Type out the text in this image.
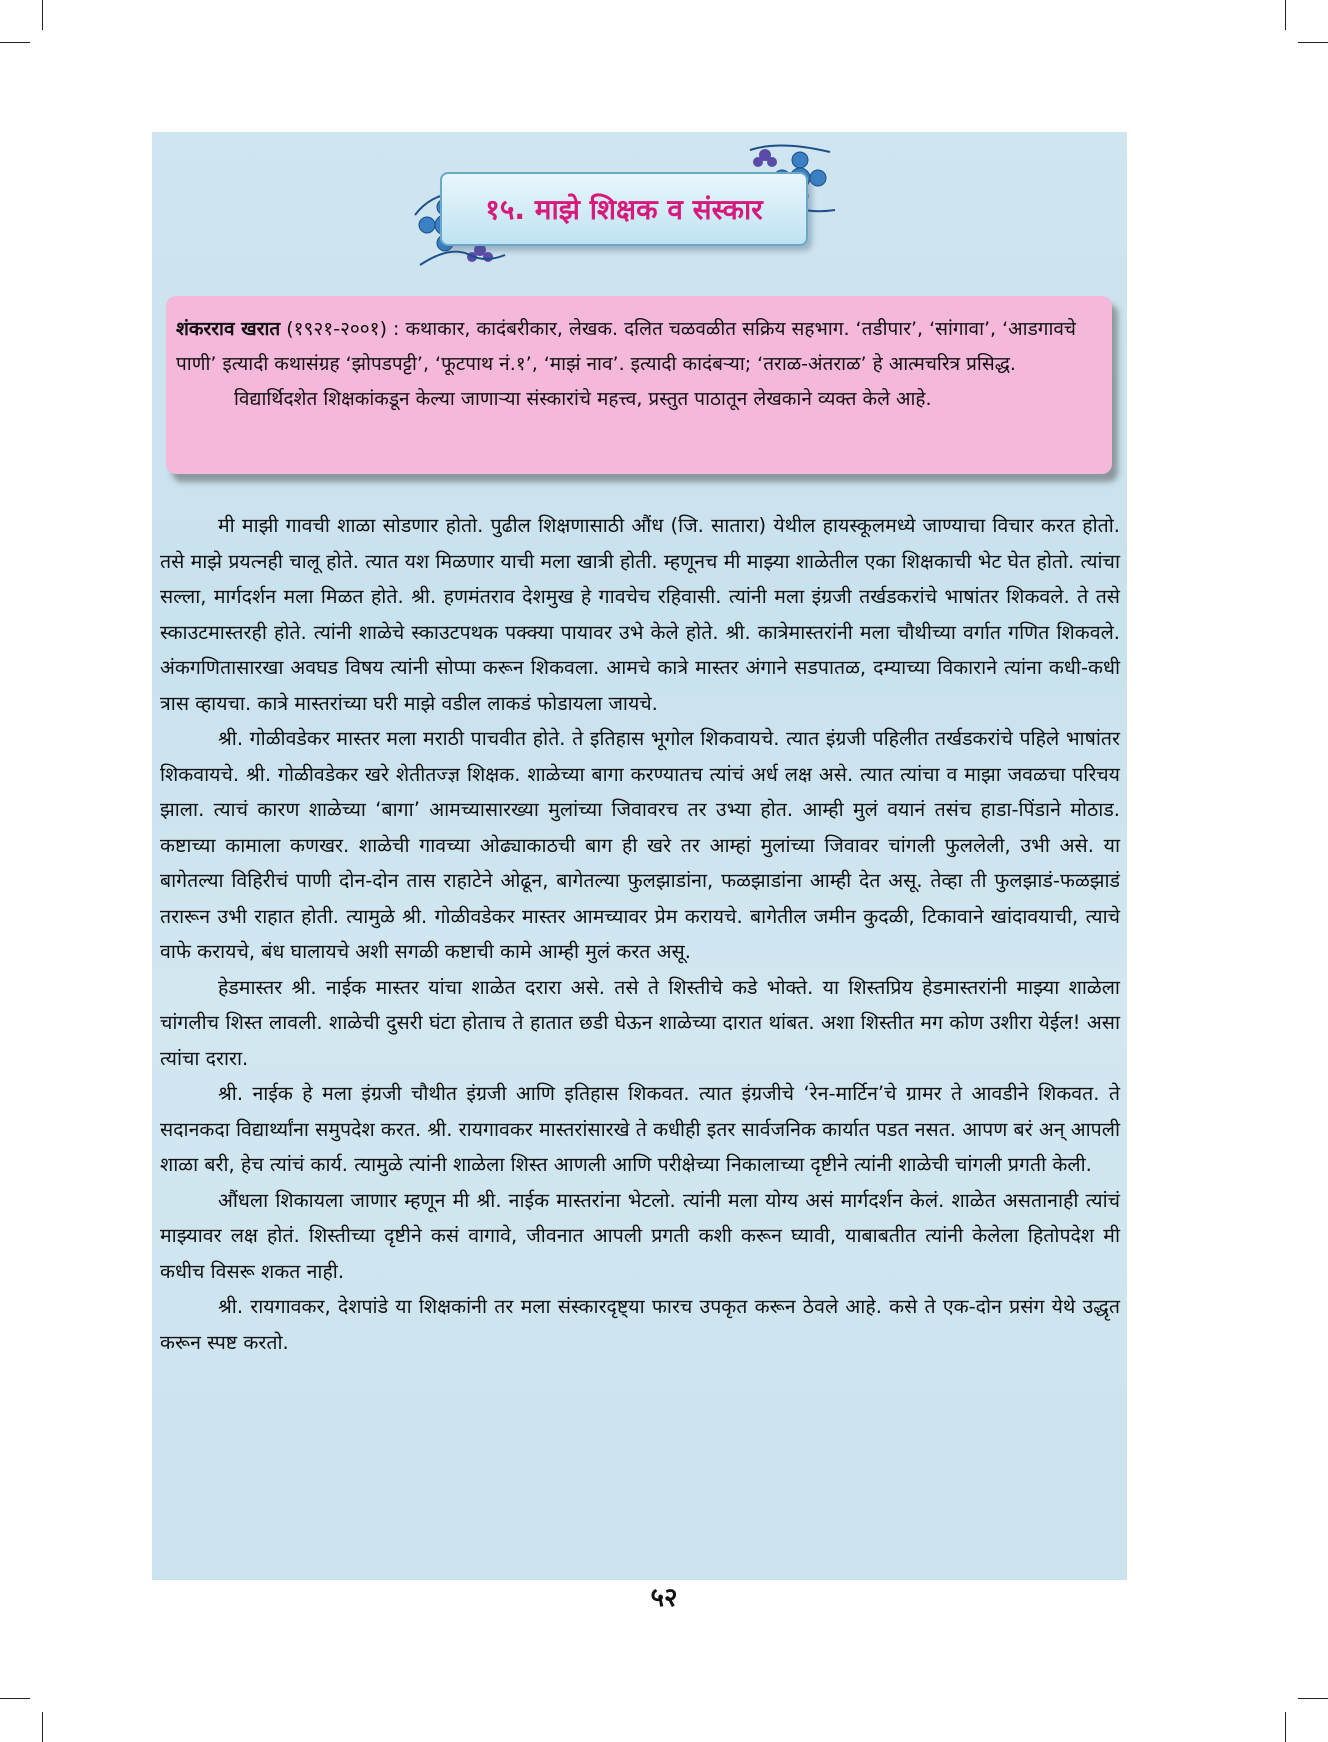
१५. माझे शिक्षक व संस्कार

शंकरराव खरात (१९२१-२००१) : कथाकार, कादंबरीकार, लेखक. दलित चळवळीत सक्रिय सहभाग. ‘तडीपार’, ‘सांगावा’, ‘आडगावचे पाणी’ इत्यादी कथासंग्रह ‘झोपडपट्टी’, ‘फूटपाथ नं.१’, ‘माझं नाव’. इत्यादी कादंबऱ्या; ‘तराळ-अंतराळ’ हे आत्मचरित्र प्रसिद्ध.

विद्यार्थिदशेत शिक्षकांकडून केल्या जाणाऱ्या संस्कारांचे महत्त्व, प्रस्तुत पाठातून लेखकाने व्यक्त केले आहे.

मी माझी गावची शाळा सोडणार होतो. पुढील शिक्षणासाठी औंध (जि. सातारा) येथील हायस्कूलमध्ये जाण्याचा विचार करत होतो. तसे माझे प्रयत्नही चालू होते. त्यात यश मिळणार याची मला खात्री होती. म्हणूनच मी माझ्या शाळेतील एका शिक्षकाची भेट घेत होतो. त्यांचा सल्ला, मार्गदर्शन मला मिळत होते. श्री. हणमंतराव देशमुख हे गावचेच रहिवासी. त्यांनी मला इंग्रजी तर्खडकरांचे भाषांतर शिकवले. ते तसे स्काउटमास्तरही होते. त्यांनी शाळेचे स्काउटपथक पक्क्या पायावर उभे केले होते. श्री. कात्रेमास्तरांनी मला चौथीच्या वर्गात गणित शिकवले. अंकगणितासारखा अवघड विषय त्यांनी सोप्पा करून शिकवला. आमचे कात्रे मास्तर अंगाने सडपातळ, दम्याच्या विकाराने त्यांना कधी-कधी त्रास व्हायचा. कात्रे मास्तरांच्या घरी माझे वडील लाकडं फोडायला जायचे.

श्री. गोळीवडेकर मास्तर मला मराठी पाचवीत होते. ते इतिहास भूगोल शिकवायचे. त्यात इंग्रजी पहिलीत तर्खडकरांचे पहिले भाषांतर शिकवायचे. श्री. गोळीवडेकर खरे शेतीतज्ज्ञ शिक्षक. शाळेच्या बागा करण्यातच त्यांचं अर्ध लक्ष असे. त्यात त्यांचा व माझा जवळचा परिचय झाला. त्याचं कारण शाळेच्या ‘बागा’ आमच्यासारख्या मुलांच्या जिवावरच तर उभ्या होत. आम्ही मुलं वयानं तसंच हाडा-पिंडाने मोठाड. कष्टाच्या कामाला कणखर. शाळेची गावच्या ओढ्याकाठची बाग ही खरे तर आम्हां मुलांच्या जिवावर चांगली फुललेली, उभी असे. या बागेतल्या विहिरीचं पाणी दोन-दोन तास राहाटेने ओढून, बागेतल्या फुलझाडांना, फळझाडांना आम्ही देत असू. तेव्हा ती फुलझाडं-फळझाडं तरारून उभी राहात होती. त्यामुळे श्री. गोळीवडेकर मास्तर आमच्यावर प्रेम करायचे. बागेतील जमीन कुदळी, टिकावाने खांदावयाची, त्याचे वाफे करायचे, बंध घालायचे अशी सगळी कष्टाची कामे आम्ही मुलं करत असू.

हेडमास्तर श्री. नाईक मास्तर यांचा शाळेत दरारा असे. तसे ते शिस्तीचे कडे भोक्ते. या शिस्तप्रिय हेडमास्तरांनी माझ्या शाळेला चांगलीच शिस्त लावली. शाळेची दुसरी घंटा होताच ते हातात छडी घेऊन शाळेच्या दारात थांबत. अशा शिस्तीत मग कोण उशीरा येईल! असा त्यांचा दरारा.

श्री. नाईक हे मला इंग्रजी चौथीत इंग्रजी आणि इतिहास शिकवत. त्यात इंग्रजीचे ‘रेन-मार्टिन’चे ग्रामर ते आवडीने शिकवत. ते सदानकदा विद्यार्थ्यांना समुपदेश करत. श्री. रायगावकर मास्तरांसारखे ते कधीही इतर सार्वजनिक कार्यात पडत नसत. आपण बरं अन् आपली शाळा बरी, हेच त्यांचं कार्य. त्यामुळे त्यांनी शाळेला शिस्त आणली आणि परीक्षेच्या निकालाच्या दृष्टीने त्यांनी शाळेची चांगली प्रगती केली.

औंधला शिकायला जाणार म्हणून मी श्री. नाईक मास्तरांना भेटलो. त्यांनी मला योग्य असं मार्गदर्शन केलं. शाळेत असतानाही त्यांचं माझ्यावर लक्ष होतं. शिस्तीच्या दृष्टीने कसं वागावे, जीवनात आपली प्रगती कशी करून घ्यावी, याबाबतीत त्यांनी केलेला हितोपदेश मी कधीच विसरू शकत नाही.

श्री. रायगावकर, देशपांडे या शिक्षकांनी तर मला संस्कारदृष्ट्या फारच उपकृत करून ठेवले आहे. कसे ते एक-दोन प्रसंग येथे उद्धृत करून स्पष्ट करतो.

५२
